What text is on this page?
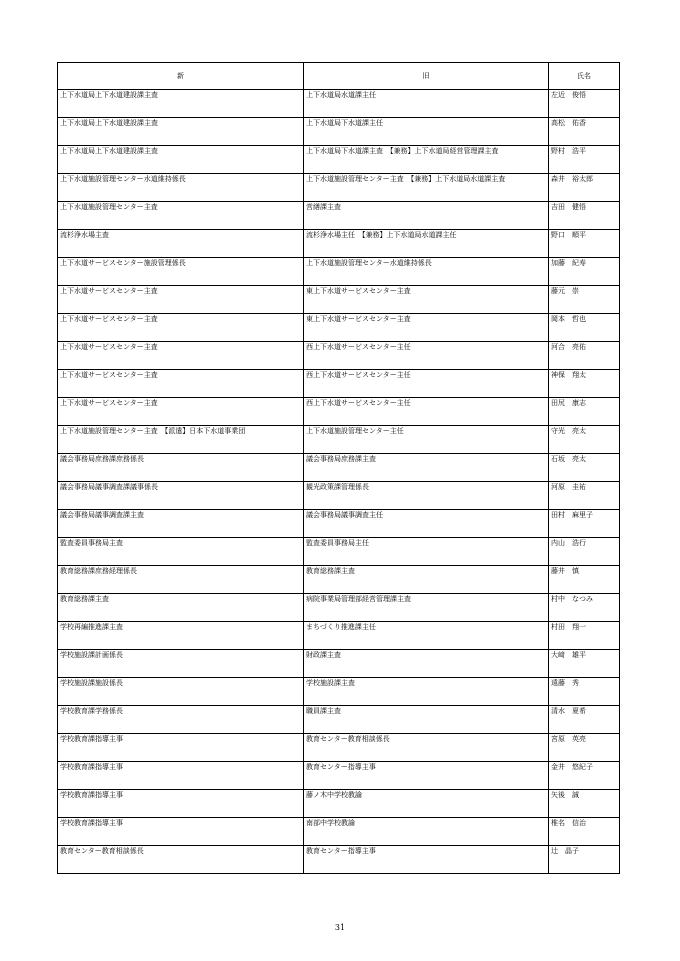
新	旧	氏名
上下水道局上下水道建設課主査	上下水道局水道課主任	左近　俊悟
上下水道局上下水道建設課主査	上下水道局下水道課主任	高松　佑香
上下水道局上下水道建設課主査	上下水道局下水道課主査　【兼務】上下水道局経営管理課主査	野村　浩平
上下水道施設管理センター水道維持係長	上下水道施設管理センター主査　【兼務】上下水道局水道課主査	森井　裕太郎
上下水道施設管理センター主査	営繕課主査	吉田　健悟
流杉浄水場主査	流杉浄水場主任　【兼務】上下水道局水道課主任	野口　順平
上下水道サービスセンター施設管理係長	上下水道施設管理センター水道維持係長	加藤　紀寿
上下水道サービスセンター主査	東上下水道サービスセンター主査	藤元　崇
上下水道サービスセンター主査	東上下水道サービスセンター主査	岡本　哲也
上下水道サービスセンター主査	西上下水道サービスセンター主任	河合　亮佑
上下水道サービスセンター主査	西上下水道サービスセンター主任	神保　翔太
上下水道サービスセンター主査	西上下水道サービスセンター主任	田尻　康志
上下水道施設管理センター主査　【派遣】日本下水道事業団	上下水道施設管理センター主任	守光　亮太
議会事務局庶務課庶務係長	議会事務局庶務課主査	石坂　亮太
議会事務局議事調査課議事係長	観光政策課管理係長	河原　圭祐
議会事務局議事調査課主査	議会事務局議事調査主任	田村　麻里子
監査委員事務局主査	監査委員事務局主任	内山　浩行
教育総務課庶務経理係長	教育総務課主査	藤井　慎
教育総務課主査	病院事業局管理部経営管理課主査	村中　なつみ
学校再編推進課主査	まちづくり推進課主任	村田　翔一
学校施設課計画係長	財政課主査	大﨑　雄平
学校施設課施設係長	学校施設課主査	遠藤　秀
学校教育課学務係長	職員課主査	清水　夏希
学校教育課指導主事	教育センター教育相談係長	宮原　英亮
学校教育課指導主事	教育センター指導主事	金井　悠紀子
学校教育課指導主事	藤ノ木中学校教諭	矢後　誠
学校教育課指導主事	南部中学校教諭	椎名　信治
教育センター教育相談係長	教育センター指導主事	辻　晶子
31
